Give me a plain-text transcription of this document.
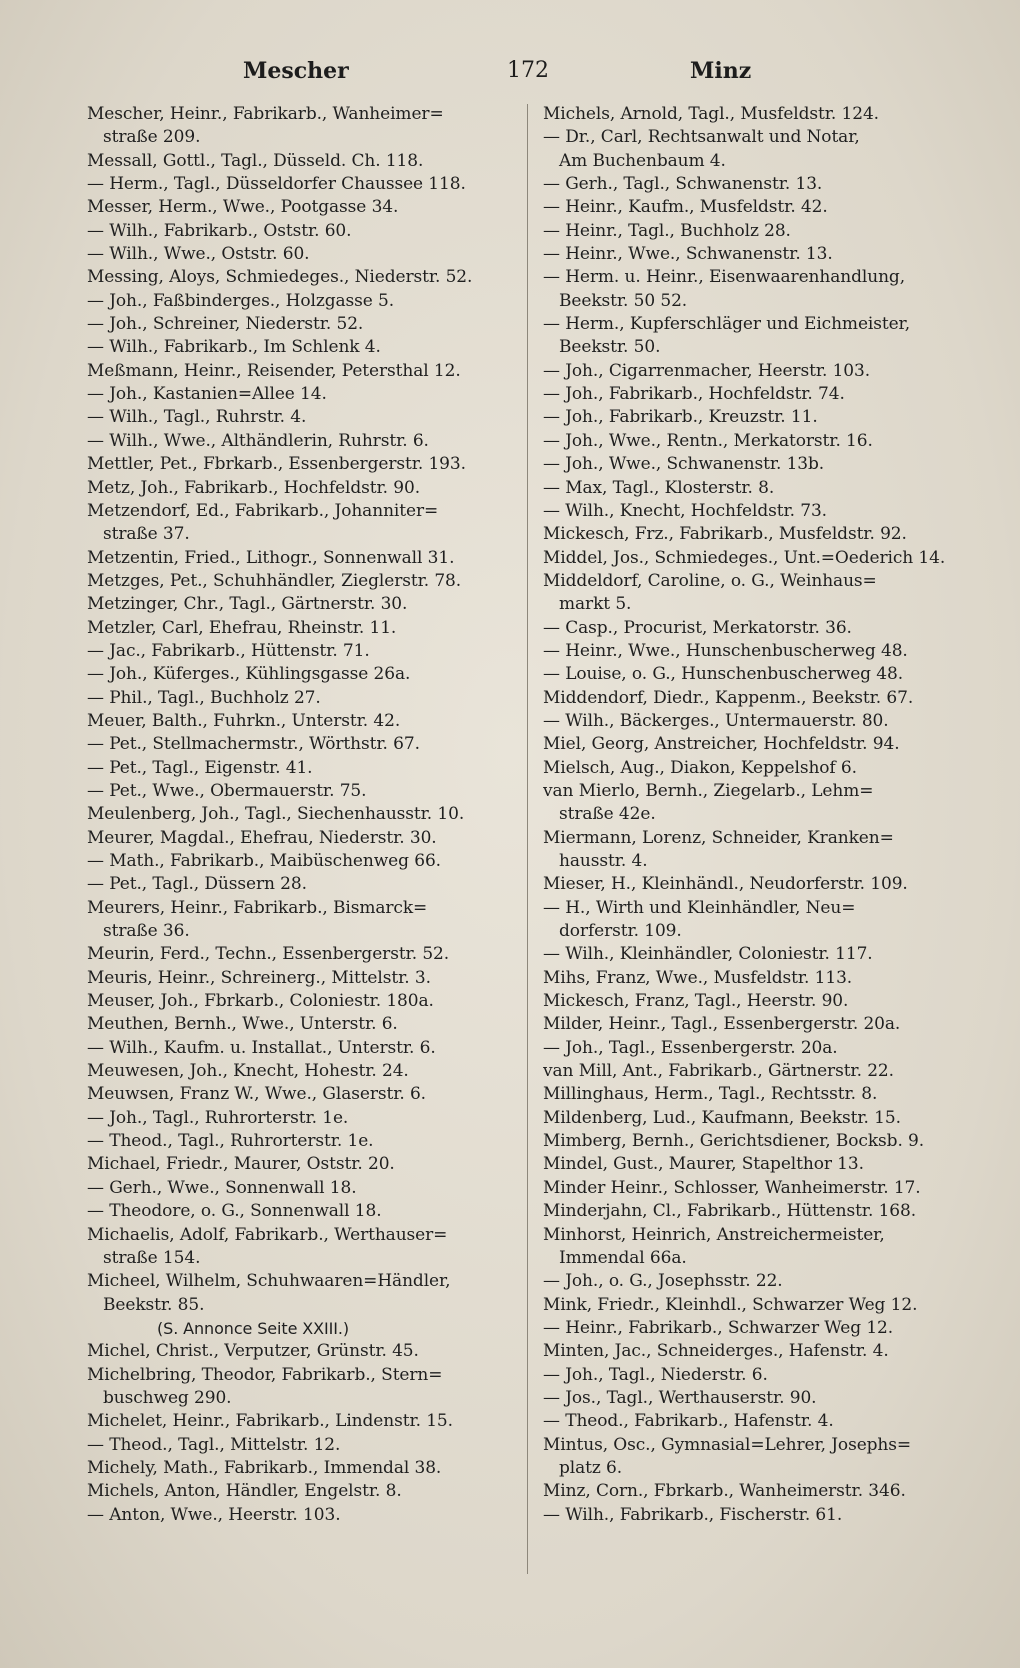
Mescher	172	Minz
Mescher, Heinr., Fabrikarb., Wanheimer=
straße 209.
Messall, Gottl., Tagl., Düsseld. Ch. 118.
— Herm., Tagl., Düsseldorfer Chaussee 118.
Messer, Herm., Wwe., Pootgasse 34.
— Wilh., Fabrikarb., Oststr. 60.
— Wilh., Wwe., Oststr. 60.
Messing, Aloys, Schmiedeges., Niederstr. 52.
— Joh., Faßbinderges., Holzgasse 5.
— Joh., Schreiner, Niederstr. 52.
— Wilh., Fabrikarb., Im Schlenk 4.
Meßmann, Heinr., Reisender, Petersthal 12.
— Joh., Kastanien=Allee 14.
— Wilh., Tagl., Ruhrstr. 4.
— Wilh., Wwe., Althändlerin, Ruhrstr. 6.
Mettler, Pet., Fbrkarb., Essenbergerstr. 193.
Metz, Joh., Fabrikarb., Hochfeldstr. 90.
Metzendorf, Ed., Fabrikarb., Johanniter=
straße 37.
Metzentin, Fried., Lithogr., Sonnenwall 31.
Metzges, Pet., Schuhhändler, Zieglerstr. 78.
Metzinger, Chr., Tagl., Gärtnerstr. 30.
Metzler, Carl, Ehefrau, Rheinstr. 11.
— Jac., Fabrikarb., Hüttenstr. 71.
— Joh., Küferges., Kühlingsgasse 26a.
— Phil., Tagl., Buchholz 27.
Meuer, Balth., Fuhrkn., Unterstr. 42.
— Pet., Stellmachermstr., Wörthstr. 67.
— Pet., Tagl., Eigenstr. 41.
— Pet., Wwe., Obermauerstr. 75.
Meulenberg, Joh., Tagl., Siechenhausstr. 10.
Meurer, Magdal., Ehefrau, Niederstr. 30.
— Math., Fabrikarb., Maibüschenweg 66.
— Pet., Tagl., Düssern 28.
Meurers, Heinr., Fabrikarb., Bismarck=
straße 36.
Meurin, Ferd., Techn., Essenbergerstr. 52.
Meuris, Heinr., Schreinerg., Mittelstr. 3.
Meuser, Joh., Fbrkarb., Coloniestr. 180a.
Meuthen, Bernh., Wwe., Unterstr. 6.
— Wilh., Kaufm. u. Installat., Unterstr. 6.
Meuwesen, Joh., Knecht, Hohestr. 24.
Meuwsen, Franz W., Wwe., Glaserstr. 6.
— Joh., Tagl., Ruhrorterstr. 1e.
— Theod., Tagl., Ruhrorterstr. 1e.
Michael, Friedr., Maurer, Oststr. 20.
— Gerh., Wwe., Sonnenwall 18.
— Theodore, o. G., Sonnenwall 18.
Michaelis, Adolf, Fabrikarb., Werthauser=
straße 154.
Micheel, Wilhelm, Schuhwaaren=Händler,
Beekstr. 85.
(S. Annonce Seite XXIII.)
Michel, Christ., Verputzer, Grünstr. 45.
Michelbring, Theodor, Fabrikarb., Stern=
buschweg 290.
Michelet, Heinr., Fabrikarb., Lindenstr. 15.
— Theod., Tagl., Mittelstr. 12.
Michely, Math., Fabrikarb., Immendal 38.
Michels, Anton, Händler, Engelstr. 8.
— Anton, Wwe., Heerstr. 103.
Michels, Arnold, Tagl., Musfeldstr. 124.
— Dr., Carl, Rechtsanwalt und Notar,
Am Buchenbaum 4.
— Gerh., Tagl., Schwanenstr. 13.
— Heinr., Kaufm., Musfeldstr. 42.
— Heinr., Tagl., Buchholz 28.
— Heinr., Wwe., Schwanenstr. 13.
— Herm. u. Heinr., Eisenwaarenhandlung,
Beekstr. 50 52.
— Herm., Kupferschläger und Eichmeister,
Beekstr. 50.
— Joh., Cigarrenmacher, Heerstr. 103.
— Joh., Fabrikarb., Hochfeldstr. 74.
— Joh., Fabrikarb., Kreuzstr. 11.
— Joh., Wwe., Rentn., Merkatorstr. 16.
— Joh., Wwe., Schwanenstr. 13b.
— Max, Tagl., Klosterstr. 8.
— Wilh., Knecht, Hochfeldstr. 73.
Mickesch, Frz., Fabrikarb., Musfeldstr. 92.
Middel, Jos., Schmiedeges., Unt.=Oederich 14.
Middeldorf, Caroline, o. G., Weinhaus=
markt 5.
— Casp., Procurist, Merkatorstr. 36.
— Heinr., Wwe., Hunschenbuscherweg 48.
— Louise, o. G., Hunschenbuscherweg 48.
Middendorf, Diedr., Kappenm., Beekstr. 67.
— Wilh., Bäckerges., Untermauerstr. 80.
Miel, Georg, Anstreicher, Hochfeldstr. 94.
Mielsch, Aug., Diakon, Keppelshof 6.
van Mierlo, Bernh., Ziegelarb., Lehm=
straße 42e.
Miermann, Lorenz, Schneider, Kranken=
hausstr. 4.
Mieser, H., Kleinhändl., Neudorferstr. 109.
— H., Wirth und Kleinhändler, Neu=
dorferstr. 109.
— Wilh., Kleinhändler, Coloniestr. 117.
Mihs, Franz, Wwe., Musfeldstr. 113.
Mickesch, Franz, Tagl., Heerstr. 90.
Milder, Heinr., Tagl., Essenbergerstr. 20a.
— Joh., Tagl., Essenbergerstr. 20a.
van Mill, Ant., Fabrikarb., Gärtnerstr. 22.
Millinghaus, Herm., Tagl., Rechtsstr. 8.
Mildenberg, Lud., Kaufmann, Beekstr. 15.
Mimberg, Bernh., Gerichtsdiener, Bocksb. 9.
Mindel, Gust., Maurer, Stapelthor 13.
Minder Heinr., Schlosser, Wanheimerstr. 17.
Minderjahn, Cl., Fabrikarb., Hüttenstr. 168.
Minhorst, Heinrich, Anstreichermeister,
Immendal 66a.
— Joh., o. G., Josephsstr. 22.
Mink, Friedr., Kleinhdl., Schwarzer Weg 12.
— Heinr., Fabrikarb., Schwarzer Weg 12.
Minten, Jac., Schneiderges., Hafenstr. 4.
— Joh., Tagl., Niederstr. 6.
— Jos., Tagl., Werthauserstr. 90.
— Theod., Fabrikarb., Hafenstr. 4.
Mintus, Osc., Gymnasial=Lehrer, Josephs=
platz 6.
Minz, Corn., Fbrkarb., Wanheimerstr. 346.
— Wilh., Fabrikarb., Fischerstr. 61.
